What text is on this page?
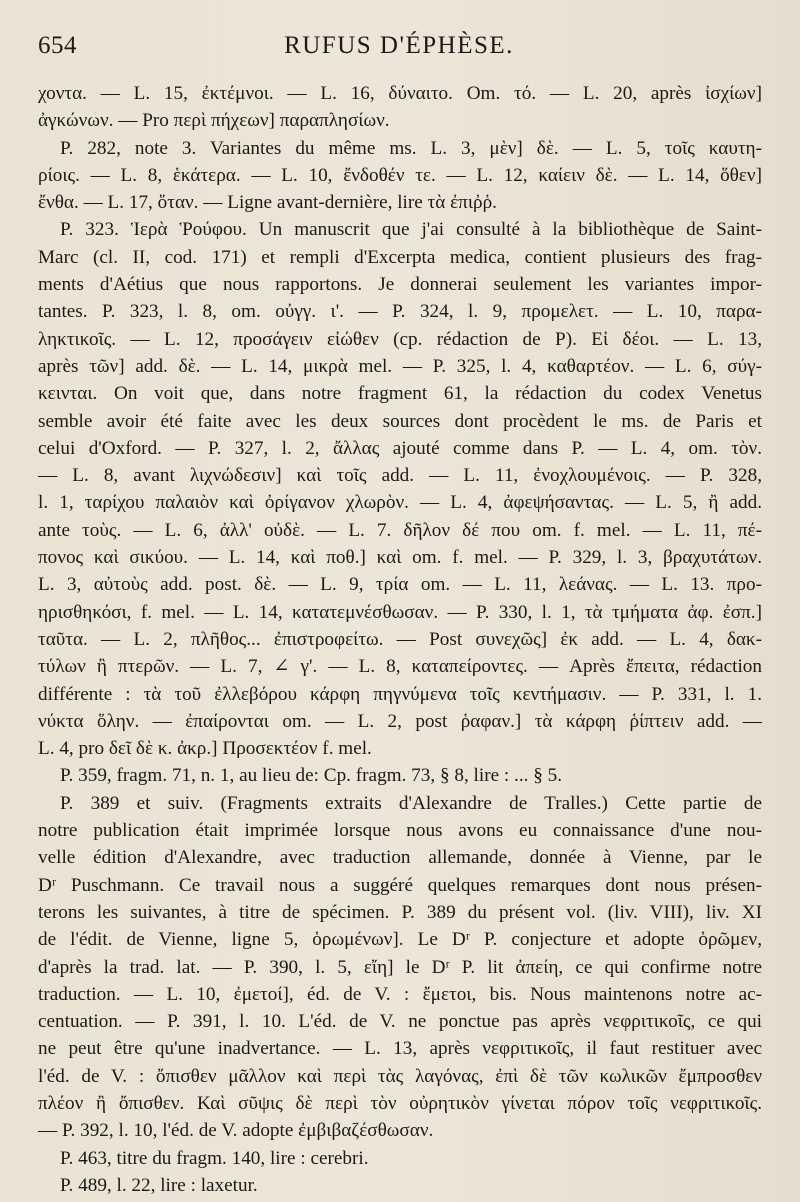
654	RUFUS D'ÉPHÈSE.
χοντα. — L. 15, ἐκτέμνοι. — L. 16, δύναιτο. Om. τό. — L. 20, après ἰσχίων]
ἀγκώνων. — Pro περὶ πήχεων] παραπλησίων.
P. 282, note 3. Variantes du même ms. L. 3, μὲν] δὲ. — L. 5, τοῖς καυτη-
ρίοις. — L. 8, ἑκάτερα. — L. 10, ἔνδοθέν τε. — L. 12, καίειν δὲ. — L. 14, ὅθεν]
ἔνθα. — L. 17, ὅταν. — Ligne avant-dernière, lire τὰ ἐπιῤῥ.
P. 323. Ἱερὰ Ῥούφου. Un manuscrit que j'ai consulté à la bibliothèque de Saint-
Marc (cl. II, cod. 171) et rempli d'Excerpta medica, contient plusieurs des frag-
ments d'Aétius que nous rapportons. Je donnerai seulement les variantes impor-
tantes. P. 323, l. 8, om. οὐγγ. ι'. — P. 324, l. 9, προμελετ. — L. 10, παρα-
ληκτικοῖς. — L. 12, προσάγειν εἰώθεν (cp. rédaction de P). Εἰ δέοι. — L. 13,
après τῶν] add. δὲ. — L. 14, μικρὰ mel. — P. 325, l. 4, καθαρτέον. — L. 6, σύγ-
κεινται. On voit que, dans notre fragment 61, la rédaction du codex Venetus
semble avoir été faite avec les deux sources dont procèdent le ms. de Paris et
celui d'Oxford. — P. 327, l. 2, ἄλλας ajouté comme dans P. — L. 4, om. τὸν.
— L. 8, avant λιχνώδεσιν] καὶ τοῖς add. — L. 11, ἐνοχλουμένοις. — P. 328,
l. 1, ταρίχου παλαιὸν καὶ ὀρίγανον χλωρὸν. — L. 4, ἀφεψήσαντας. — L. 5, ἢ add.
ante τοὺς. — L. 6, ἀλλ' οὐδὲ. — L. 7. δῆλον δέ που om. f. mel. — L. 11, πέ-
πονος καὶ σικύου. — L. 14, καὶ ποθ.] καὶ om. f. mel. — P. 329, l. 3, βραχυτάτων.
L. 3, αὐτοὺς add. post. δὲ. — L. 9, τρία om. — L. 11, λεάνας. — L. 13. προ-
ηρισθηκόσι, f. mel. — L. 14, κατατεμνέσθωσαν. — P. 330, l. 1, τὰ τμήματα ἀφ. ἐσπ.]
ταῦτα. — L. 2, πλῆθος... ἐπιστροφείτω. — Post συνεχῶς] ἐκ add. — L. 4, δακ-
τύλων ἢ πτερῶν. — L. 7, ∠ γ'. — L. 8, καταπείροντες. — Après ἔπειτα, rédaction
différente : τὰ τοῦ ἐλλεβόρου κάρφη πηγνύμενα τοῖς κεντήμασιν. — P. 331, l. 1.
νύκτα ὅλην. — ἐπαίρονται om. — L. 2, post ῥαφαν.] τὰ κάρφη ῥίπτειν add. —
L. 4, pro δεῖ δὲ κ. ἀκρ.] Προσεκτέον f. mel.
P. 359, fragm. 71, n. 1, au lieu de: Cp. fragm. 73, § 8, lire : ... § 5.
P. 389 et suiv. (Fragments extraits d'Alexandre de Tralles.) Cette partie de
notre publication était imprimée lorsque nous avons eu connaissance d'une nou-
velle édition d'Alexandre, avec traduction allemande, donnée à Vienne, par le
Dʳ Puschmann. Ce travail nous a suggéré quelques remarques dont nous présen-
terons les suivantes, à titre de spécimen. P. 389 du présent vol. (liv. VIII), liv. XI
de l'édit. de Vienne, ligne 5, ὁρωμένων]. Le Dʳ P. conjecture et adopte ὁρῶμεν,
d'après la trad. lat. — P. 390, l. 5, εἴη] le Dʳ P. lit ἀπείη, ce qui confirme notre
traduction. — L. 10, ἐμετοί], éd. de V. : ἔμετοι, bis. Nous maintenons notre ac-
centuation. — P. 391, l. 10. L'éd. de V. ne ponctue pas après νεφριτικοῖς, ce qui
ne peut être qu'une inadvertance. — L. 13, après νεφριτικοῖς, il faut restituer avec
l'éd. de V. : ὄπισθεν μᾶλλον καὶ περὶ τὰς λαγόνας, ἐπὶ δὲ τῶν κωλικῶν ἔμπροσθεν
πλέον ἢ ὄπισθεν. Καὶ σῦψις δὲ περὶ τὸν οὐρητικὸν γίνεται πόρον τοῖς νεφριτικοῖς.
— P. 392, l. 10, l'éd. de V. adopte ἐμβιβαζέσθωσαν.
P. 463, titre du fragm. 140, lire : cerebri.
P. 489, l. 22, lire : laxetur.
